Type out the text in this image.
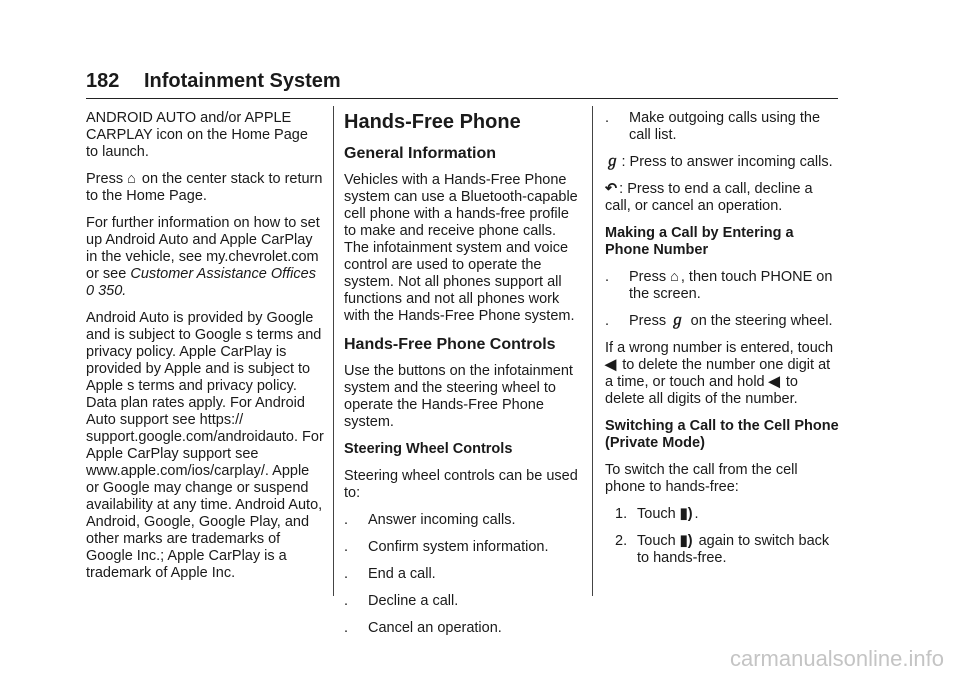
182 Infotainment System

ANDROID AUTO and/or APPLE CARPLAY icon on the Home Page to launch.

Press ⌂ on the center stack to return to the Home Page.

For further information on how to set up Android Auto and Apple CarPlay in the vehicle, see my.chevrolet.com or see Customer Assistance Offices
0 350.

Android Auto is provided by Google and is subject to Google s terms and privacy policy. Apple CarPlay is provided by Apple and is subject to Apple s terms and privacy policy. Data plan rates apply. For Android Auto support see https:// support.google.com/androidauto. For Apple CarPlay support see www.apple.com/ios/carplay/. Apple or Google may change or suspend availability at any time. Android Auto, Android, Google, Google Play, and other marks are trademarks of Google Inc.; Apple CarPlay is a trademark of Apple Inc.

Hands-Free Phone
General Information

Vehicles with a Hands-Free Phone system can use a Bluetooth-capable cell phone with a hands-free profile to make and receive phone calls. The infotainment system and voice control are used to operate the system. Not all phones support all functions and not all phones work with the Hands-Free Phone system.

Hands-Free Phone Controls

Use the buttons on the infotainment system and the steering wheel to operate the Hands-Free Phone system.

Steering Wheel Controls

Steering wheel controls can be used to:

. Answer incoming calls.
. Confirm system information.
. End a call.
. Decline a call.
. Cancel an operation.
. Make outgoing calls using the call list.

ℊ : Press to answer incoming calls.

↶ : Press to end a call, decline a call, or cancel an operation.

Making a Call by Entering a Phone Number

. Press ⌂ , then touch PHONE on the screen.
. Press ℊ on the steering wheel.

If a wrong number is entered, touch ◀ to delete the number one digit at a time, or touch and hold ◀ to delete all digits of the number.

Switching a Call to the Cell Phone (Private Mode)

To switch the call from the cell phone to hands-free:

1. Touch ▮) .
2. Touch ▮) again to switch back to hands-free.
carmanualsonline.info
